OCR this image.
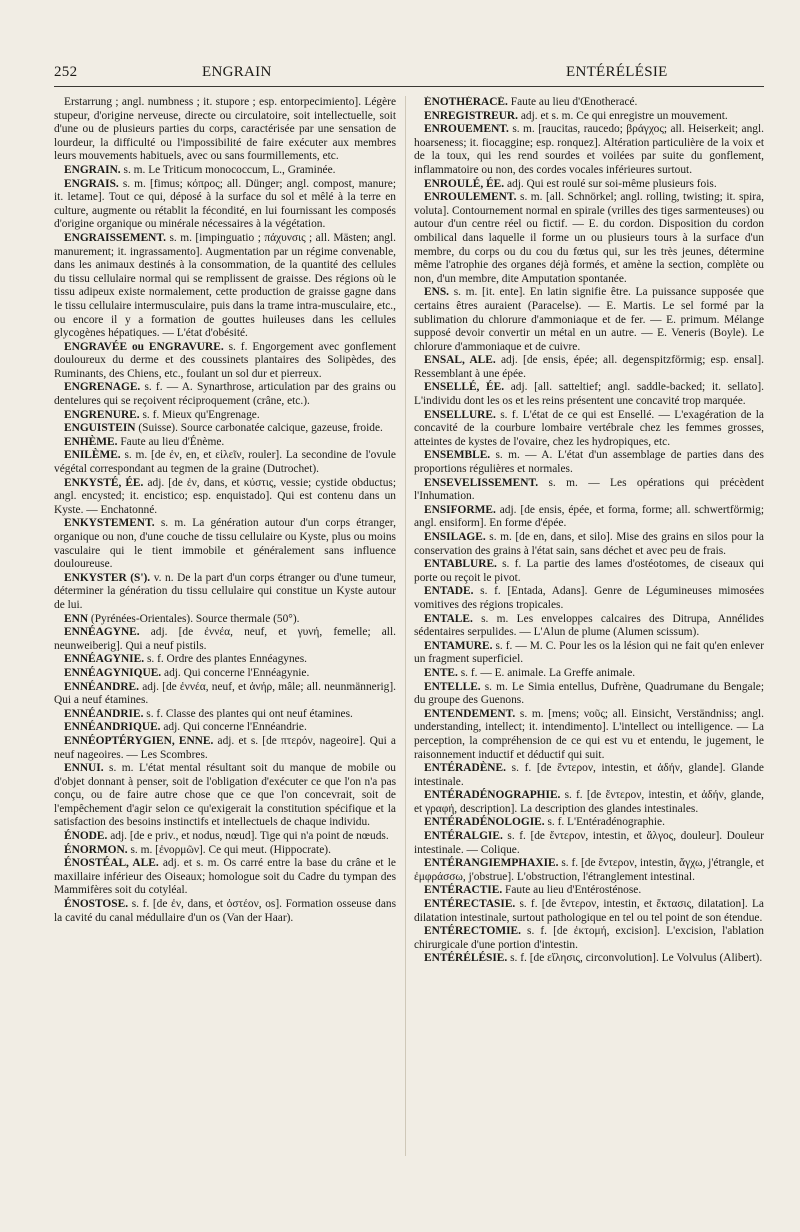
252	ENGRAIN	ENTÉRÉLÉSIE

Erstarrung ; angl. numbness ; it. stupore ; esp. entorpecimiento]. Légère stupeur, d'origine nerveuse, directe ou circulatoire, soit intellectuelle, soit d'une ou de plusieurs parties du corps, caractérisée par une sensation de lourdeur, la difficulté ou l'impossibilité de faire exécuter aux membres leurs mouvements habituels, avec ou sans fourmillements, etc.

ENGRAIN. s. m. Le Triticum monococcum, L., Graminée.

ENGRAIS. s. m. [fimus; κόπρος; all. Dünger; angl. compost, manure; it. letame]. Tout ce qui, déposé à la surface du sol et mêlé à la terre en culture, augmente ou rétablit la fécondité, en lui fournissant les composés d'origine organique ou minérale nécessaires à la végétation.

ENGRAISSEMENT. s. m. [impinguatio ; πάχυνσις ; all. Mästen; angl. manurement; it. ingrassamento]. Augmentation par un régime convenable, dans les animaux destinés à la consommation, de la quantité des cellules du tissu cellulaire normal qui se remplissent de graisse. Des régions où le tissu adipeux existe normalement, cette production de graisse gagne dans le tissu cellulaire intermusculaire, puis dans la trame intra-musculaire, etc., ou encore il y a formation de gouttes huileuses dans les cellules glycogènes hépatiques. — L'état d'obésité.

ENGRAVÉE ou ENGRAVURE. s. f. Engorgement avec gonflement douloureux du derme et des coussinets plantaires des Solipèdes, des Ruminants, des Chiens, etc., foulant un sol dur et pierreux.

ENGRENAGE. s. f. — A. Synarthrose, articulation par des grains ou dentelures qui se reçoivent réciproquement (crâne, etc.).

ENGRENURE. s. f. Mieux qu'Engrenage.

ENGUISTEIN (Suisse). Source carbonatée calcique, gazeuse, froide.

ENHÈME. Faute au lieu d'Énème.

ENILÈME. s. m. [de ἐν, en, et εἰλεῖν, rouler]. La secondine de l'ovule végétal correspondant au tegmen de la graine (Dutrochet).

ENKYSTÉ, ÉE. adj. [de ἐν, dans, et κύστις, vessie; cystide obductus; angl. encysted; it. encistico; esp. enquistado]. Qui est contenu dans un Kyste. — Enchatonné.

ENKYSTEMENT. s. m. La génération autour d'un corps étranger, organique ou non, d'une couche de tissu cellulaire ou Kyste, plus ou moins vasculaire qui le tient immobile et généralement sans influence douloureuse.

ENKYSTER (S'). v. n. De la part d'un corps étranger ou d'une tumeur, déterminer la génération du tissu cellulaire qui constitue un Kyste autour de lui.

ENN (Pyrénées-Orientales). Source thermale (50°).

ENNÉAGYNE. adj. [de ἐννέα, neuf, et γυνή, femelle; all. neunweiberig]. Qui a neuf pistils.

ENNÉAGYNIE. s. f. Ordre des plantes Ennéagynes.

ENNÉAGYNIQUE. adj. Qui concerne l'Ennéagynie.

ENNÉANDRE. adj. [de ἐννέα, neuf, et ἀνήρ, mâle; all. neunmännerig]. Qui a neuf étamines.

ENNÉANDRIE. s. f. Classe des plantes qui ont neuf étamines.

ENNÉANDRIQUE. adj. Qui concerne l'Ennéandrie.

ENNÉOPTÉRYGIEN, ENNE. adj. et s. [de πτερόν, nageoire]. Qui a neuf nageoires. — Les Scombres.

ENNUI. s. m. L'état mental résultant soit du manque de mobile ou d'objet donnant à penser, soit de l'obligation d'exécuter ce que l'on n'a pas conçu, ou de faire autre chose que ce que l'on concevrait, soit de l'empêchement d'agir selon ce qu'exigerait la constitution spécifique et la satisfaction des besoins instinctifs et intellectuels de chaque individu.

ÉNODE. adj. [de e priv., et nodus, nœud]. Tige qui n'a point de nœuds.

ÉNORMON. s. m. [ἐνορμῶν]. Ce qui meut. (Hippocrate).

ÉNOSTÉAL, ALE. adj. et s. m. Os carré entre la base du crâne et le maxillaire inférieur des Oiseaux; homologue soit du Cadre du tympan des Mammifères soit du cotyléal.

ÉNOSTOSE. s. f. [de ἐν, dans, et ὀστέον, os]. Formation osseuse dans la cavité du canal médullaire d'un os (Van der Haar).

ÉNOTHÉRACÉ. Faute au lieu d'Œnotheracé.

ENREGISTREUR. adj. et s. m. Ce qui enregistre un mouvement.

ENROUEMENT. s. m. [raucitas, raucedo; βράγχος; all. Heiserkeit; angl. hoarseness; it. fiocaggine; esp. ronquez]. Altération particulière de la voix et de la toux, qui les rend sourdes et voilées par suite du gonflement, inflammatoire ou non, des cordes vocales inférieures surtout.

ENROULÉ, ÉE. adj. Qui est roulé sur soi-même plusieurs fois.

ENROULEMENT. s. m. [all. Schnörkel; angl. rolling, twisting; it. spira, voluta]. Contournement normal en spirale (vrilles des tiges sarmenteuses) ou autour d'un centre réel ou fictif. — E. du cordon. Disposition du cordon ombilical dans laquelle il forme un ou plusieurs tours à la surface d'un membre, du corps ou du cou du fœtus qui, sur les très jeunes, détermine même l'atrophie des organes déjà formés, et amène la section, complète ou non, d'un membre, dite Amputation spontanée.

ENS. s. m. [it. ente]. En latin signifie être. La puissance supposée que certains êtres auraient (Paracelse). — E. Martis. Le sel formé par la sublimation du chlorure d'ammoniaque et de fer. — E. primum. Mélange supposé devoir convertir un métal en un autre. — E. Veneris (Boyle). Le chlorure d'ammoniaque et de cuivre.

ENSAL, ALE. adj. [de ensis, épée; all. degenspitzförmig; esp. ensal]. Ressemblant à une épée.

ENSELLÉ, ÉE. adj. [all. satteltief; angl. saddle-backed; it. sellato]. L'individu dont les os et les reins présentent une concavité trop marquée.

ENSELLURE. s. f. L'état de ce qui est Ensellé. — L'exagération de la concavité de la courbure lombaire vertébrale chez les femmes grosses, atteintes de kystes de l'ovaire, chez les hydropiques, etc.

ENSEMBLE. s. m. — A. L'état d'un assemblage de parties dans des proportions régulières et normales.

ENSEVELISSEMENT. s. m. — Les opérations qui précèdent l'Inhumation.

ENSIFORME. adj. [de ensis, épée, et forma, forme; all. schwertförmig; angl. ensiform]. En forme d'épée.

ENSILAGE. s. m. [de en, dans, et silo]. Mise des grains en silos pour la conservation des grains à l'état sain, sans déchet et avec peu de frais.

ENTABLURE. s. f. La partie des lames d'ostéotomes, de ciseaux qui porte ou reçoit le pivot.

ENTADE. s. f. [Entada, Adans]. Genre de Légumineuses mimosées vomitives des régions tropicales.

ENTALE. s. m. Les enveloppes calcaires des Ditrupa, Annélides sédentaires serpulides. — L'Alun de plume (Alumen scissum).

ENTAMURE. s. f. — M. C. Pour les os la lésion qui ne fait qu'en enlever un fragment superficiel.

ENTE. s. f. — E. animale. La Greffe animale.

ENTELLE. s. m. Le Simia entellus, Dufrène, Quadrumane du Bengale; du groupe des Guenons.

ENTENDEMENT. s. m. [mens; νοῦς; all. Einsicht, Verständniss; angl. understanding, intellect; it. intendimento]. L'intellect ou intelligence. — La perception, la compréhension de ce qui est vu et entendu, le jugement, le raisonnement inductif et déductif qui suit.

ENTÉRADÈNE. s. f. [de ἔντερον, intestin, et ἀδήν, glande]. Glande intestinale.

ENTÉRADÉNOGRAPHIE. s. f. [de ἔντερον, intestin, et ἀδήν, glande, et γραφή, description]. La description des glandes intestinales.

ENTÉRADÉNOLOGIE. s. f. L'Entéradénographie.

ENTÉRALGIE. s. f. [de ἔντερον, intestin, et ἄλγος, douleur]. Douleur intestinale. — Colique.

ENTÉRANGIEMPHAXIE. s. f. [de ἔντερον, intestin, ἄγχω, j'étrangle, et ἐμφράσσω, j'obstrue]. L'obstruction, l'étranglement intestinal.

ENTÉRACTIE. Faute au lieu d'Entérosténose.

ENTÉRECTASIE. s. f. [de ἔντερον, intestin, et ἔκτασις, dilatation]. La dilatation intestinale, surtout pathologique en tel ou tel point de son étendue.

ENTÉRECTOMIE. s. f. [de ἐκτομή, excision]. L'excision, l'ablation chirurgicale d'une portion d'intestin.

ENTÉRÉLÉSIE. s. f. [de εἴλησις, circonvolution]. Le Volvulus (Alibert).
